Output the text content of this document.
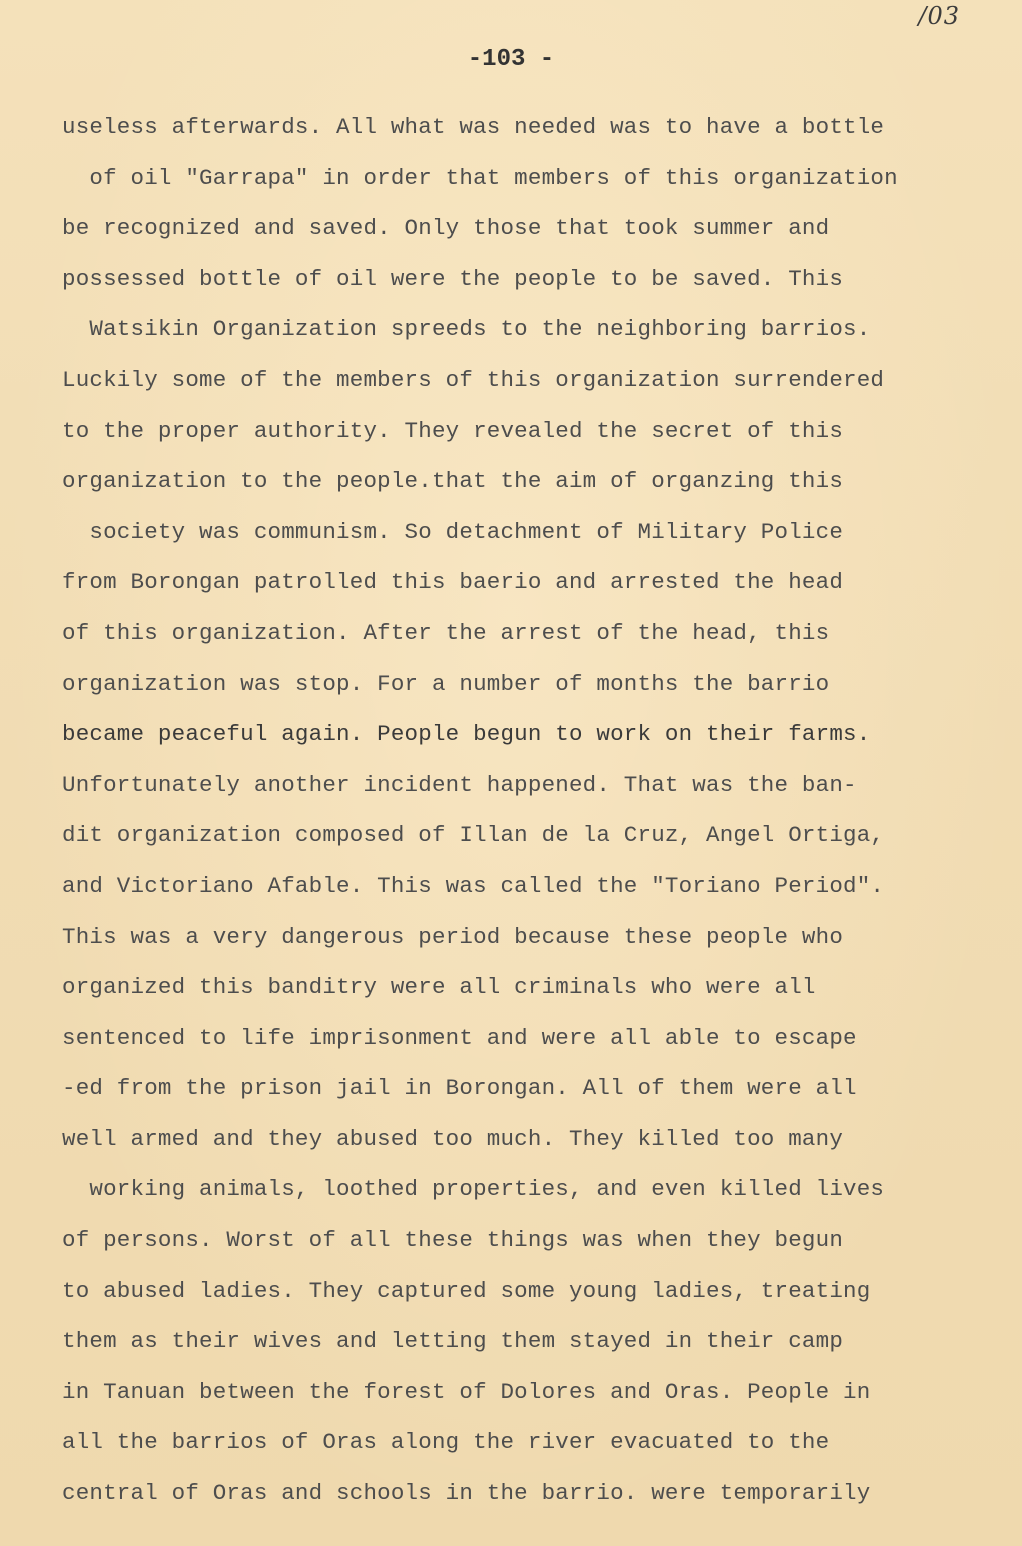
/03
-103 -
useless afterwards. All what was needed was to have a bottle
of oil "Garrapa" in order that members of this organization
be recognized and saved. Only those that took summer and
possessed bottle of oil were the people to be saved. This
Watsikin Organization spreeds to the neighboring barrios.
Luckily some of the members of this organization surrendered
to the proper authority. They revealed the secret of this
organization to the people.that the aim of organzing this
society was communism. So detachment of Military Police
from Borongan patrolled this baerio and arrested the head
of this organization. After the arrest of the head, this
organization was stop. For a number of months the barrio
became peaceful again. People begun to work on their farms.
Unfortunately another incident happened. That was the ban-
dit organization composed of Illan de la Cruz, Angel Ortiga,
and Victoriano Afable. This was called the "Toriano Period".
This was a very dangerous period because these people who
organized this banditry were all criminals who were all
sentenced to life imprisonment and were all able to escape
-ed from the prison jail in Borongan. All of them were all
well armed and they abused too much. They killed too many
working animals, loothed properties, and even killed lives
of persons. Worst of all these things was when they begun
to abused ladies. They captured some young ladies, treating
them as their wives and letting them stayed in their camp
in Tanuan between the forest of Dolores and Oras. People in
all the barrios of Oras along the river evacuated to the
central of Oras and schools in the barrio. were temporarily
